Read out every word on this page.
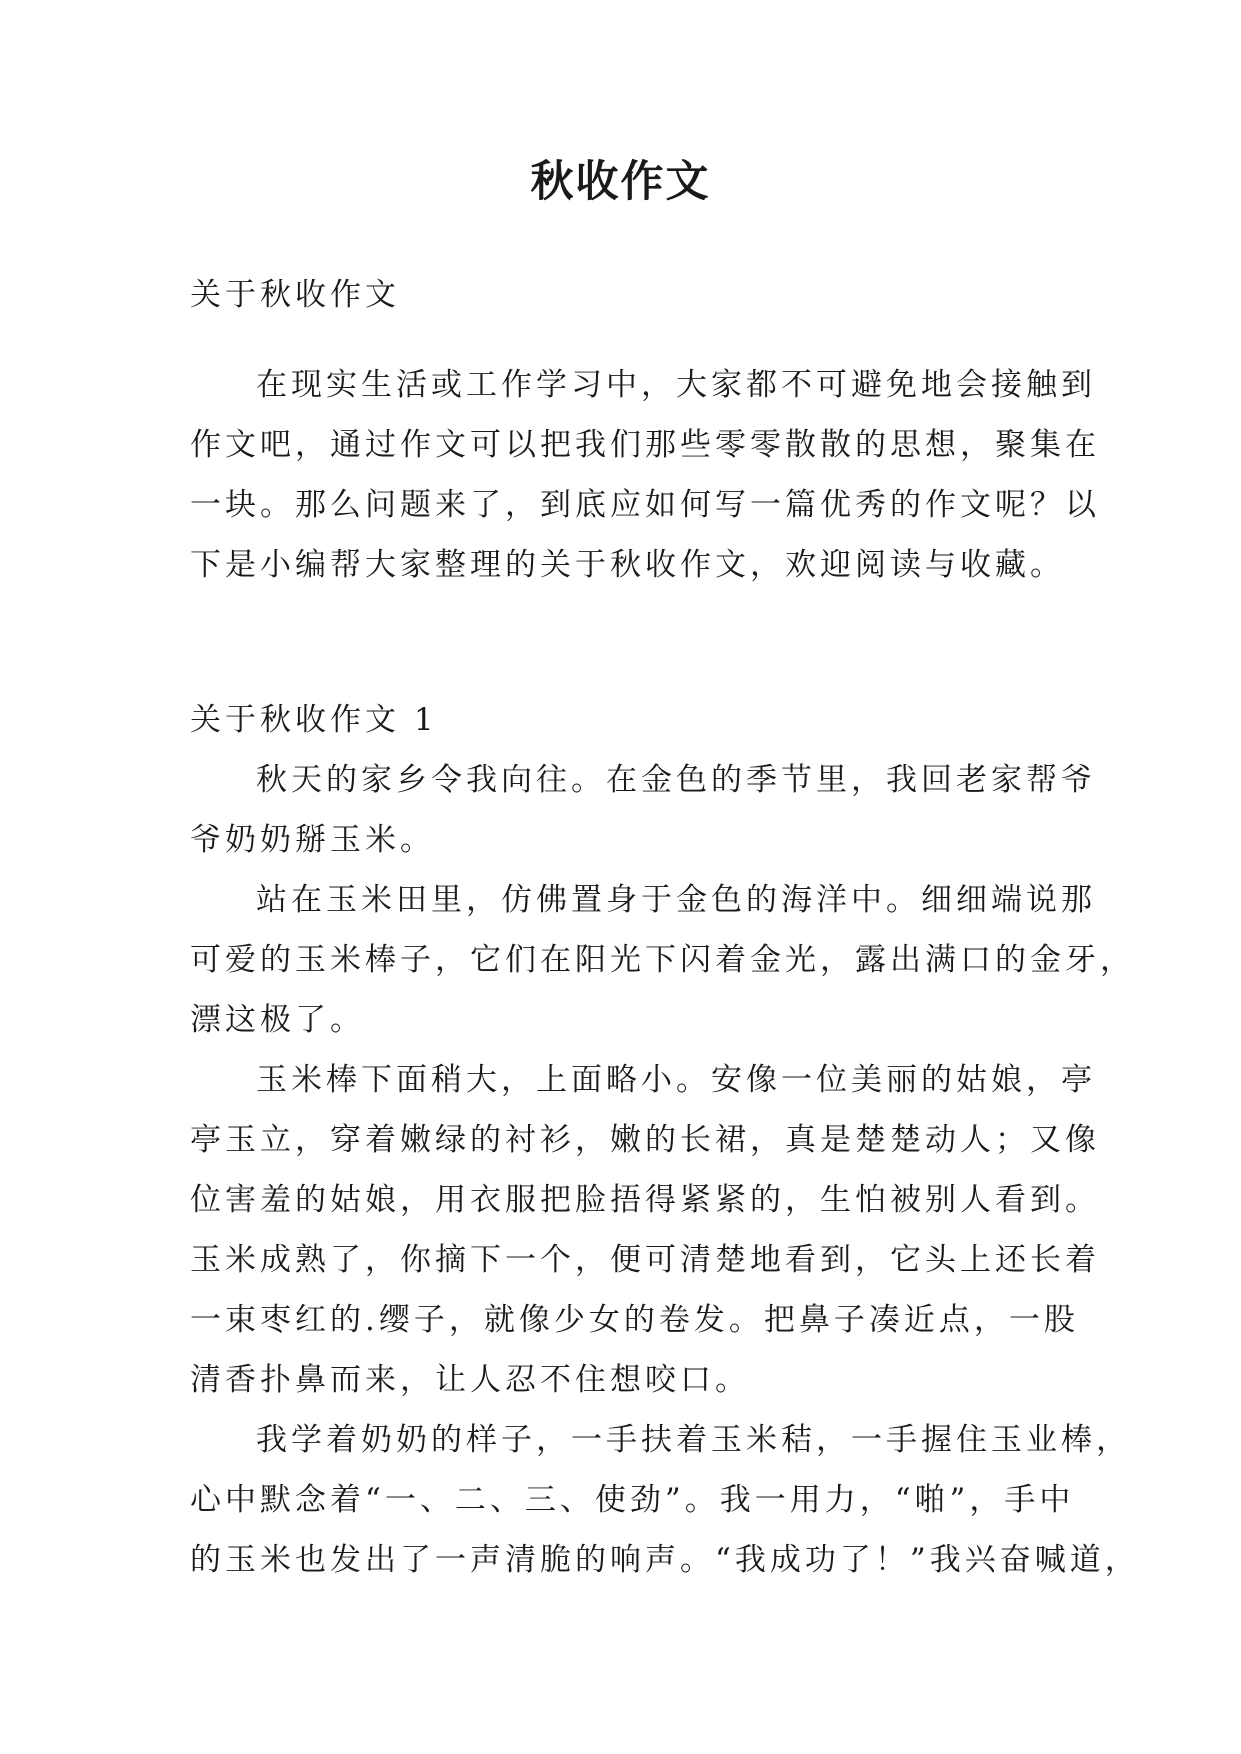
秋收作文

关于秋收作文

在现实生活或工作学习中，大家都不可避免地会接触到
作文吧，通过作文可以把我们那些零零散散的思想，聚集在
一块。那么问题来了，到底应如何写一篇优秀的作文呢？以
下是小编帮大家整理的关于秋收作文，欢迎阅读与收藏。

关于秋收作文 1

秋天的家乡令我向往。在金色的季节里，我回老家帮爷
爷奶奶掰玉米。
站在玉米田里，仿佛置身于金色的海洋中。细细端说那
可爱的玉米棒子，它们在阳光下闪着金光，露出满口的金牙，
漂这极了。
玉米棒下面稍大，上面略小。安像一位美丽的姑娘，亭
亭玉立，穿着嫩绿的衬衫，嫩的长裙，真是楚楚动人；又像
位害羞的姑娘，用衣服把脸捂得紧紧的，生怕被别人看到。
玉米成熟了，你摘下一个，便可清楚地看到，它头上还长着
一束枣红的.缨子，就像少女的卷发。把鼻子凑近点，一股
清香扑鼻而来，让人忍不住想咬口。
我学着奶奶的样子，一手扶着玉米秸，一手握住玉业棒，
心中默念着“一、二、三、使劲”。我一用力，“啪”，手中
的玉米也发出了一声清脆的响声。“我成功了！”我兴奋喊道，
